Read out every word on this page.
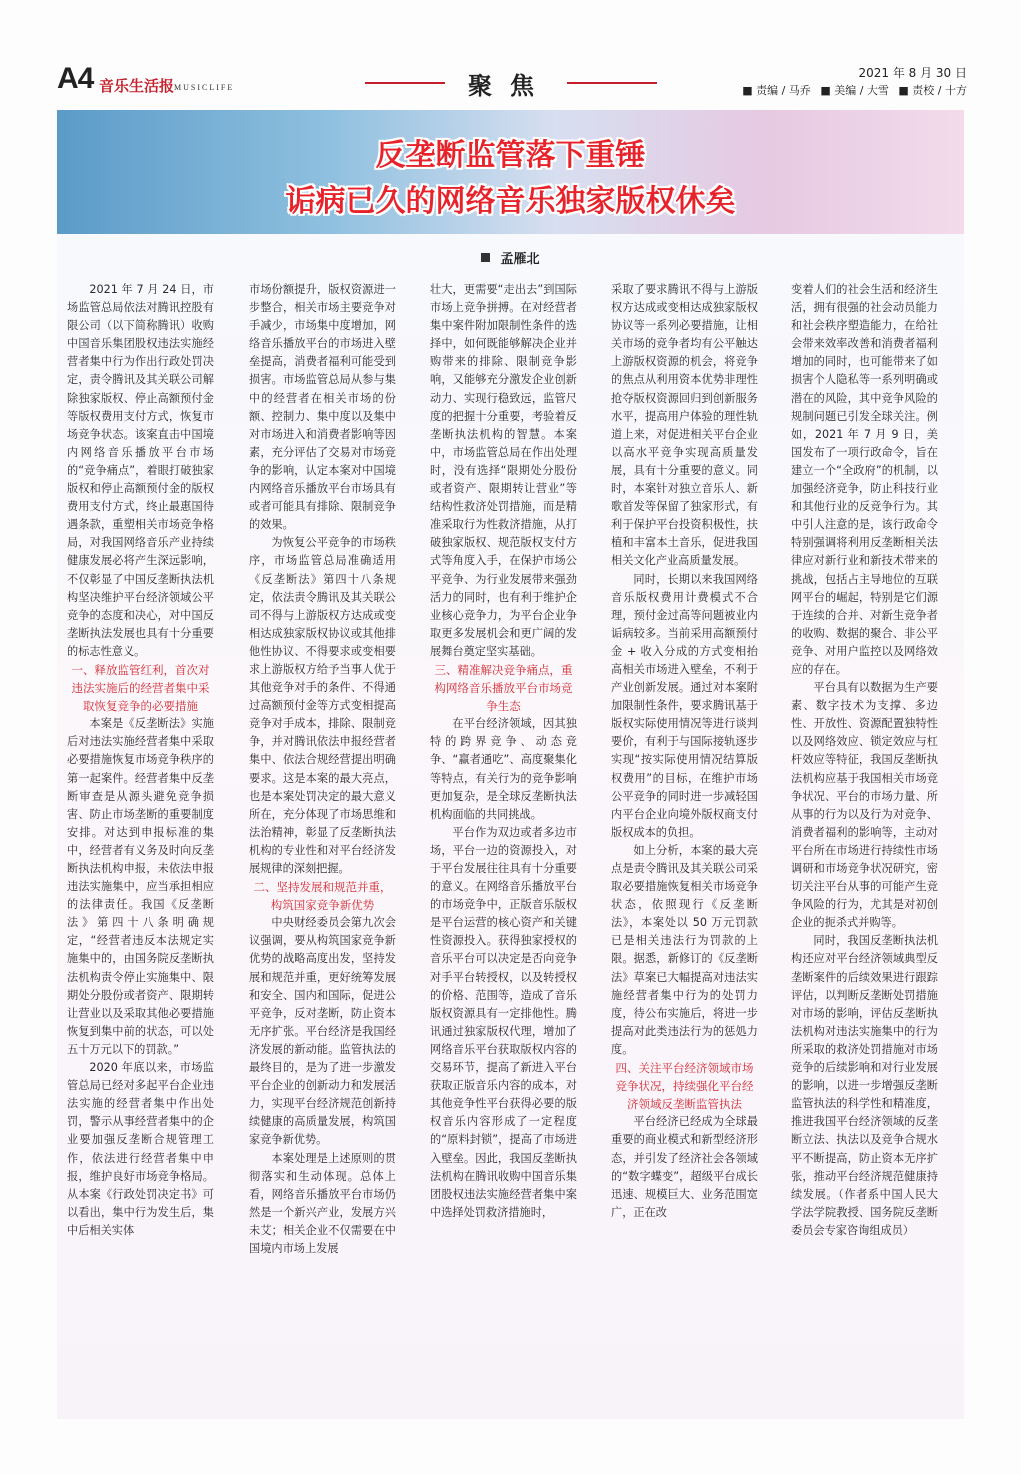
A4 音乐生活报 MUSICLIFE	聚焦	2021 年 8 月 30 日
■ 责编 / 马乔 ■ 美编 / 大雪 ■ 责校 / 十方
反垄断监管落下重锤
诟病已久的网络音乐独家版权休矣
孟雁北

2021 年 7 月 24 日，市场监管总局依法对腾讯控股有限公司（以下简称腾讯）收购中国音乐集团股权违法实施经营者集中行为作出行政处罚决定，责令腾讯及其关联公司解除独家版权、停止高额预付金等版权费用支付方式，恢复市场竞争状态。该案直击中国境内网络音乐播放平台市场的“竞争痛点”，着眼打破独家版权和停止高额预付金的版权费用支付方式，终止最惠国待遇条款，重塑相关市场竞争格局，对我国网络音乐产业持续健康发展必将产生深远影响，不仅彰显了中国反垄断执法机构坚决维护平台经济领域公平竞争的态度和决心，对中国反垄断执法发展也具有十分重要的标志性意义。

一、释放监管红利，首次对违法实施后的经营者集中采取恢复竞争的必要措施

本案是《反垄断法》实施后对违法实施经营者集中采取必要措施恢复市场竞争秩序的第一起案件。经营者集中反垄断审查是从源头避免竞争损害、防止市场垄断的重要制度安排。对达到申报标准的集中，经营者有义务及时向反垄断执法机构申报，未依法申报违法实施集中，应当承担相应的法律责任。我国《反垄断法》第四十八条明确规定，“经营者违反本法规定实施集中的，由国务院反垄断执法机构责令停止实施集中、限期处分股份或者资产、限期转让营业以及采取其他必要措施恢复到集中前的状态，可以处五十万元以下的罚款。”

2020 年底以来，市场监管总局已经对多起平台企业违法实施的经营者集中作出处罚，警示从事经营者集中的企业要加强反垄断合规管理工作，依法进行经营者集中申报，维护良好市场竞争格局。从本案《行政处罚决定书》可以看出，集中行为发生后，集中后相关实体

市场份额提升，版权资源进一步整合，相关市场主要竞争对手减少，市场集中度增加，网络音乐播放平台的市场进入壁垒提高，消费者福利可能受到损害。市场监管总局从参与集中的经营者在相关市场的份额、控制力、集中度以及集中对市场进入和消费者影响等因素，充分评估了交易对市场竞争的影响，认定本案对中国境内网络音乐播放平台市场具有或者可能具有排除、限制竞争的效果。

为恢复公平竞争的市场秩序，市场监管总局准确适用《反垄断法》第四十八条规定，依法责令腾讯及其关联公司不得与上游版权方达成或变相达成独家版权协议或其他排他性协议、不得要求或变相要求上游版权方给予当事人优于其他竞争对手的条件、不得通过高额预付金等方式变相提高竞争对手成本，排除、限制竞争，并对腾讯依法申报经营者集中、依法合规经营提出明确要求。这是本案的最大亮点，也是本案处罚决定的最大意义所在，充分体现了市场思维和法治精神，彰显了反垄断执法机构的专业性和对平台经济发展规律的深刻把握。

二、坚持发展和规范并重，构筑国家竞争新优势

中央财经委员会第九次会议强调，要从构筑国家竞争新优势的战略高度出发，坚持发展和规范并重，更好统筹发展和安全、国内和国际，促进公平竞争，反对垄断，防止资本无序扩张。平台经济是我国经济发展的新动能。监管执法的最终目的，是为了进一步激发平台企业的创新动力和发展活力，实现平台经济规范创新持续健康的高质量发展，构筑国家竞争新优势。

本案处理是上述原则的贯彻落实和生动体现。总体上看，网络音乐播放平台市场仍然是一个新兴产业，发展方兴未艾；相关企业不仅需要在中国境内市场上发展

壮大，更需要“走出去”到国际市场上竞争拼搏。在对经营者集中案件附加限制性条件的选择中，如何既能够解决企业并购带来的排除、限制竞争影响，又能够充分激发企业创新动力、实现行稳致远，监管尺度的把握十分重要，考验着反垄断执法机构的智慧。本案中，市场监管总局在作出处理时，没有选择“限期处分股份或者资产、限期转让营业”等结构性救济处罚措施，而是精准采取行为性救济措施，从打破独家版权、规范版权支付方式等角度入手，在保护市场公平竞争、为行业发展带来强劲活力的同时，也有利于维护企业核心竞争力，为平台企业争取更多发展机会和更广阔的发展舞台奠定坚实基础。

三、精准解决竞争痛点，重构网络音乐播放平台市场竞争生态

在平台经济领域，因其独特的跨界竞争、动态竞争、“赢者通吃”、高度聚集化等特点，有关行为的竞争影响更加复杂，是全球反垄断执法机构面临的共同挑战。

平台作为双边或者多边市场，平台一边的资源投入，对于平台发展往往具有十分重要的意义。在网络音乐播放平台的市场竞争中，正版音乐版权是平台运营的核心资产和关键性资源投入。获得独家授权的音乐平台可以决定是否向竞争对手平台转授权，以及转授权的价格、范围等，造成了音乐版权资源具有一定排他性。腾讯通过独家版权代理，增加了网络音乐平台获取版权内容的交易环节，提高了新进入平台获取正版音乐内容的成本，对其他竞争性平台获得必要的版权音乐内容形成了一定程度的“原料封锁”，提高了市场进入壁垒。因此，我国反垄断执法机构在腾讯收购中国音乐集团股权违法实施经营者集中案中选择处罚救济措施时，

采取了要求腾讯不得与上游版权方达成或变相达成独家版权协议等一系列必要措施，让相关市场的竞争者均有公平触达上游版权资源的机会，将竞争的焦点从利用资本优势非理性抢夺版权资源回归到创新服务水平，提高用户体验的理性轨道上来，对促进相关平台企业以高水平竞争实现高质量发展，具有十分重要的意义。同时，本案针对独立音乐人、新歌首发等保留了独家形式，有利于保护平台投资积极性，扶植和丰富本土音乐，促进我国相关文化产业高质量发展。

同时，长期以来我国网络音乐版权费用计费模式不合理，预付金过高等问题被业内诟病较多。当前采用高额预付金 + 收入分成的方式变相抬高相关市场进入壁垒，不利于产业创新发展。通过对本案附加限制性条件，要求腾讯基于版权实际使用情况等进行谈判要价，有利于与国际接轨逐步实现“按实际使用情况结算版权费用”的目标，在维护市场公平竞争的同时进一步减轻国内平台企业向境外版权商支付版权成本的负担。

如上分析，本案的最大亮点是责令腾讯及其关联公司采取必要措施恢复相关市场竞争状态，依照现行《反垄断法》，本案处以 50 万元罚款已是相关违法行为罚款的上限。据悉，新修订的《反垄断法》草案已大幅提高对违法实施经营者集中行为的处罚力度，待公布实施后，将进一步提高对此类违法行为的惩処力度。

四、关注平台经济领域市场竞争状况，持续强化平台经济领域反垄断监管执法

平台经济已经成为全球最重要的商业模式和新型经济形态，并引发了经济社会各领域的“数字蝶变”，超级平台成长迅速、规模巨大、业务范围宽广，正在改

变着人们的社会生活和经济生活，拥有很强的社会动员能力和社会秩序塑造能力，在给社会带来效率改善和消费者福利增加的同时，也可能带来了如损害个人隐私等一系列明确或潜在的风险，其中竞争风险的规制问题已引发全球关注。例如，2021 年 7 月 9 日，美国发布了一项行政命令，旨在建立一个“全政府”的机制，以加强经济竞争，防止科技行业和其他行业的反竞争行为。其中引人注意的是，该行政命令特别强调将利用反垄断相关法律应对新行业和新技术带来的挑战，包括占主导地位的互联网平台的崛起，特别是它们源于连续的合并、对新生竞争者的收购、数据的聚合、非公平竞争、对用户监控以及网络效应的存在。

平台具有以数据为生产要素、数字技术为支撑、多边性、开放性、资源配置独特性以及网络效应、锁定效应与杠杆效应等特征，我国反垄断执法机构应基于我国相关市场竞争状况、平台的市场力量、所从事的行为以及行为对竞争、消费者福利的影响等，主动对平台所在市场进行持续性市场调研和市场竞争状况研究，密切关注平台从事的可能产生竞争风险的行为，尤其是对初创企业的扼杀式并购等。

同时，我国反垄断执法机构还应对平台经济领域典型反垄断案件的后续效果进行跟踪评估，以判断反垄断处罚措施对市场的影响，评估反垄断执法机构对违法实施集中的行为所采取的救济处罚措施对市场竞争的后续影响和对行业发展的影响，以进一步增强反垄断监管执法的科学性和精准度，推进我国平台经济领域的反垄断立法、执法以及竞争合规水平不断提高，防止资本无序扩张，推动平台经济规范健康持续发展。（作者系中国人民大学法学院教授、国务院反垄断委员会专家咨询组成员）
